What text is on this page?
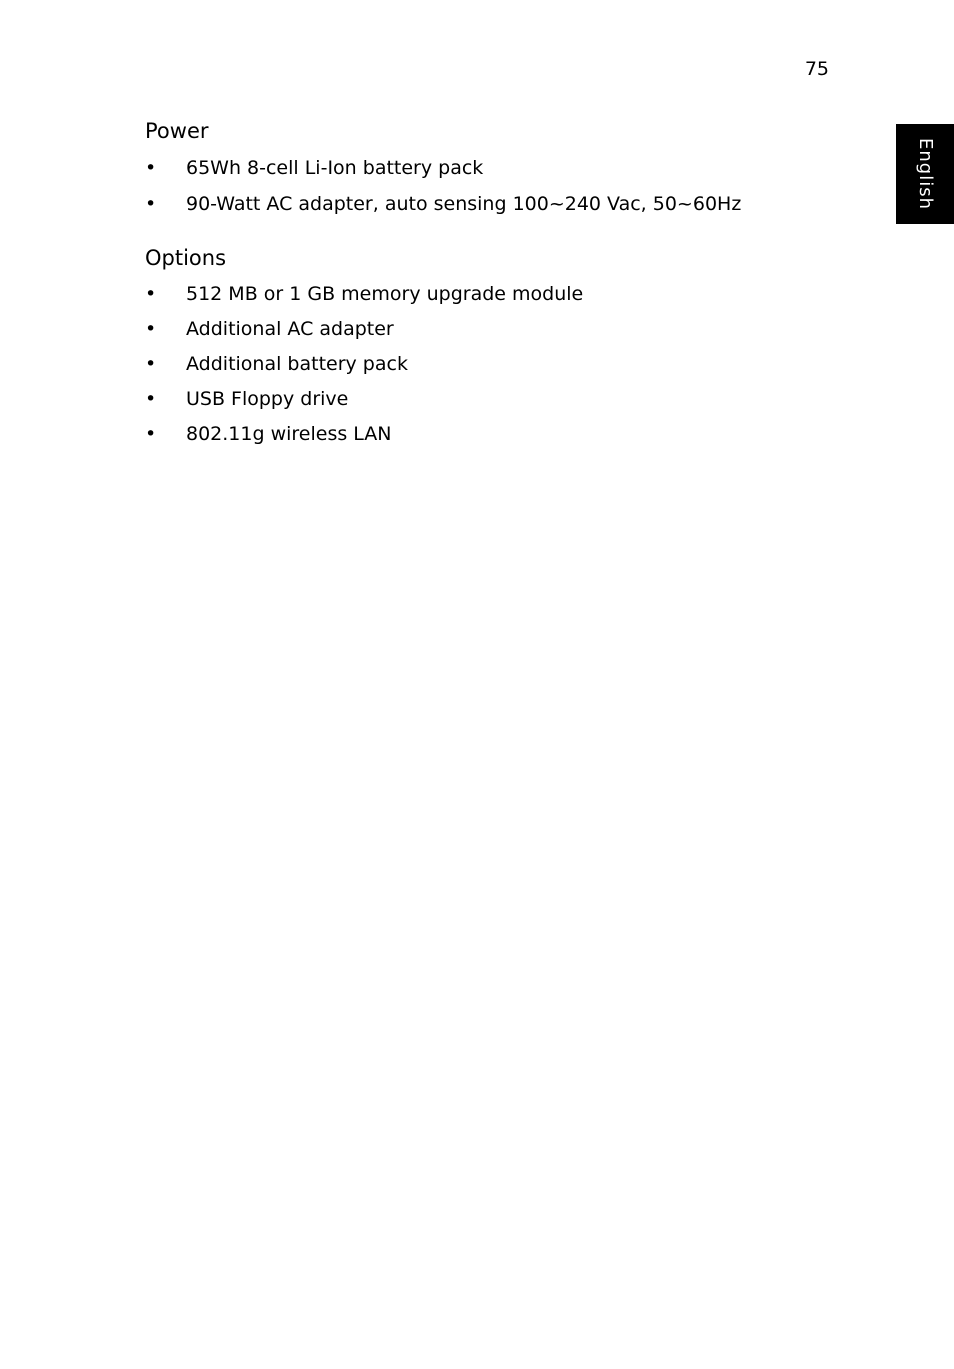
75
English
Power
• 65Wh 8-cell Li-Ion battery pack
• 90-Watt AC adapter, auto sensing 100~240 Vac, 50~60Hz
Options
• 512 MB or 1 GB memory upgrade module
• Additional AC adapter
• Additional battery pack
• USB Floppy drive
• 802.11g wireless LAN
